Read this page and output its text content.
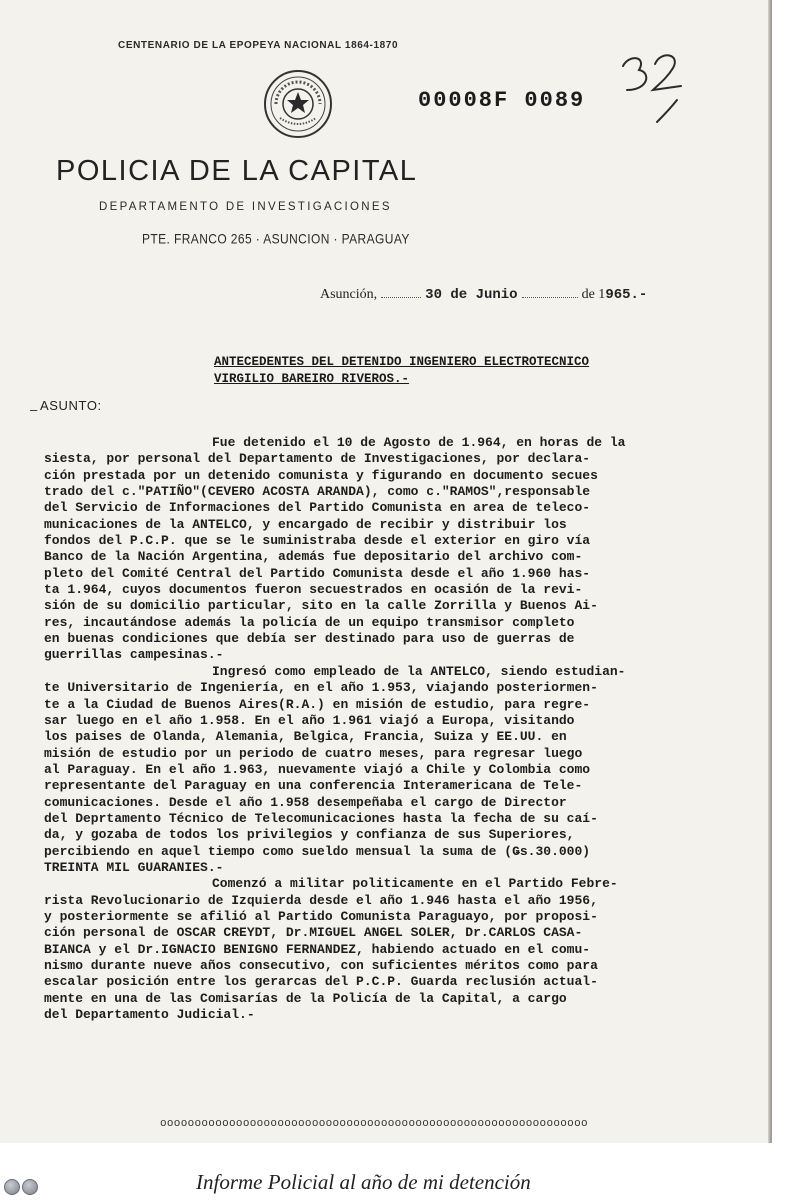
CENTENARIO DE LA EPOPEYA NACIONAL 1864-1870
00008F 0089
POLICIA DE LA CAPITAL
DEPARTAMENTO DE INVESTIGACIONES
PTE. FRANCO 265 · ASUNCION · PARAGUAY
Asunción,	30 de Junio	de 1 965.-
ANTECEDENTES DEL DETENIDO INGENIERO ELECTROTECNICO
VIRGILIO BAREIRO RIVEROS.-
– ASUNTO:
Fue detenido el 10 de Agosto de 1.964, en horas de la
siesta, por personal del Departamento de Investigaciones, por declara-
ción prestada por un detenido comunista y figurando en documento secues
trado del c."PATIÑO"(CEVERO ACOSTA ARANDA), como c."RAMOS",responsable
del Servicio de Informaciones del Partido Comunista en area de teleco-
municaciones de la ANTELCO, y encargado de recibir y distribuir los
fondos del P.C.P. que se le suministraba desde el exterior en giro vía
Banco de la Nación Argentina, además fue depositario del archivo com-
pleto del Comité Central del Partido Comunista desde el año 1.960 has-
ta 1.964, cuyos documentos fueron secuestrados en ocasión de la revi-
sión de su domicilio particular, sito en la calle Zorrilla y Buenos Ai-
res, incautándose además la policía de un equipo transmisor completo
en buenas condiciones que debía ser destinado para uso de guerras de
guerrillas campesinas.-
Ingresó como empleado de la ANTELCO, siendo estudian-
te Universitario de Ingeniería, en el año 1.953, viajando posteriormen-
te a la Ciudad de Buenos Aires(R.A.) en misión de estudio, para regre-
sar luego en el año 1.958. En el año 1.961 viajó a Europa, visitando
los paises de Olanda, Alemania, Belgica, Francia, Suiza y EE.UU. en
misión de estudio por un periodo de cuatro meses, para regresar luego
al Paraguay. En el año 1.963, nuevamente viajó a Chile y Colombia como
representante del Paraguay en una conferencia Interamericana de Tele-
comunicaciones. Desde el año 1.958 desempeñaba el cargo de Director
del Deprtamento Técnico de Telecomunicaciones hasta la fecha de su caí-
da, y gozaba de todos los privilegios y confianza de sus Superiores,
percibiendo en aquel tiempo como sueldo mensual la suma de (Ǥs.30.000)
TREINTA MIL GUARANIES.-
Comenzó a militar politicamente en el Partido Febre-
rista Revolucionario de Izquierda desde el año 1.946 hasta el año 1956,
y posteriormente se afilió al Partido Comunista Paraguayo, por proposi-
ción personal de OSCAR CREYDT, Dr.MIGUEL ANGEL SOLER, Dr.CARLOS CASA-
BIANCA y el Dr.IGNACIO BENIGNO FERNANDEZ, habiendo actuado en el comu-
nismo durante nueve años consecutivo, con suficientes méritos como para
escalar posición entre los gerarcas del P.C.P. Guarda reclusión actual-
mente en una de las Comisarías de la Policía de la Capital, a cargo
del Departamento Judicial.-
oooooooooooooooooooooooooooooooooooooooooooooooooooooooooooooo
Informe Policial al año de mi detención
